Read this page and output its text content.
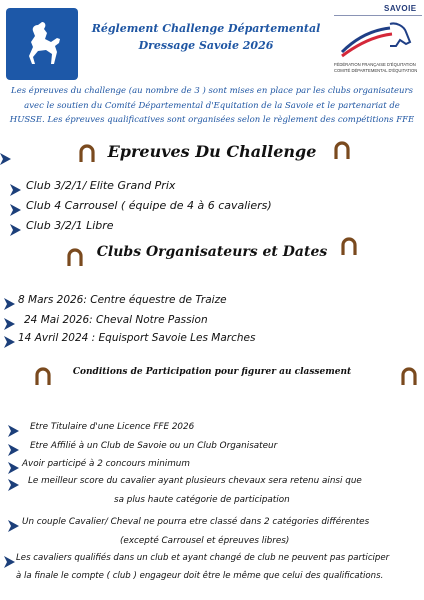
Réglement Challenge Départemental
Dressage Savoie 2026
SAVOIE
FÉDÉRATION FRANÇAISE D'ÉQUITATION
COMITÉ DÉPARTEMENTAL D'ÉQUITATION
Les épreuves du challenge (au nombre de 3 ) sont mises en place par les clubs organisateurs
avec le soutien du Comité Départemental d'Equitation de la Savoie et le partenariat de
HUSSE. Les épreuves qualificatives sont organisées selon le règlement des compétitions FFE
Epreuves Du Challenge
Club 3/2/1/ Elite Grand Prix
Club 4 Carrousel ( équipe de 4 à 6 cavaliers)
Club 3/2/1 Libre
Clubs Organisateurs et Dates
8 Mars 2026: Centre équestre de Traize
24 Mai 2026: Cheval Notre Passion
14 Avril 2024 : Equisport Savoie Les Marches
Conditions de Participation pour figurer au classement
Etre Titulaire d'une Licence FFE 2026
Etre Affilié à un Club de Savoie ou un Club Organisateur
Avoir participé à 2 concours minimum
Le meilleur score du cavalier ayant plusieurs chevaux sera retenu ainsi que
sa plus haute catégorie de participation
Un couple Cavalier/ Cheval ne pourra etre classé dans 2 catégories différentes
(excepté Carrousel et épreuves libres)
Les cavaliers qualifiés dans un club et ayant changé de club ne peuvent pas participer
à la finale le compte ( club ) engageur doit être le même que celui des qualifications.
